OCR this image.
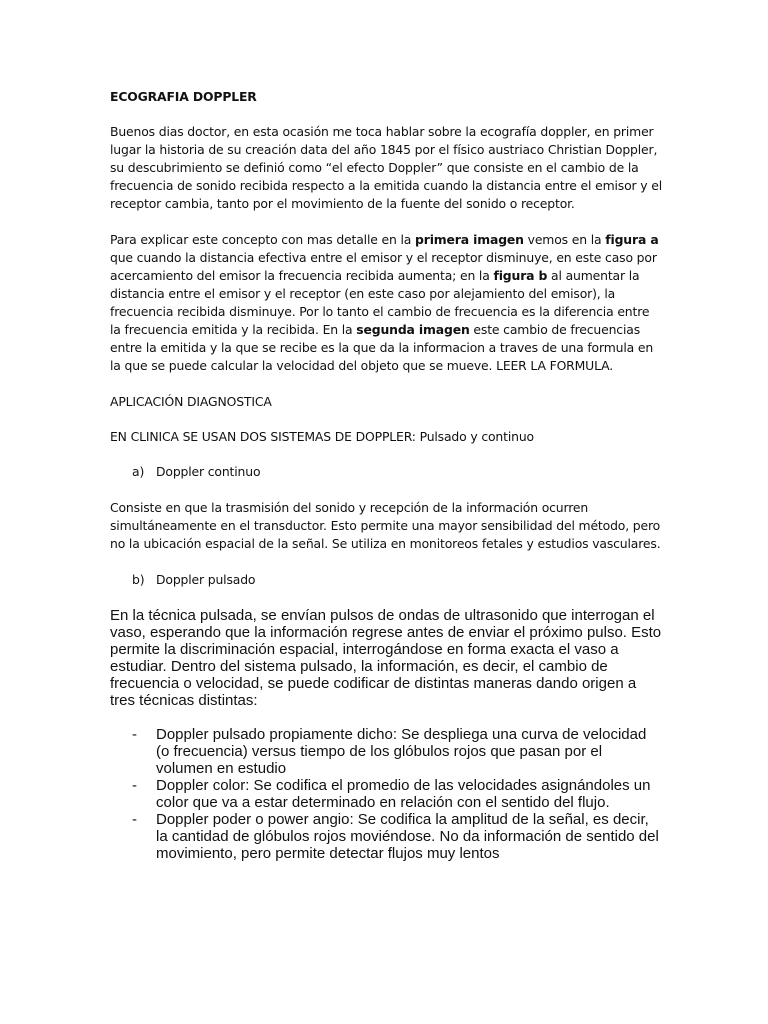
ECOGRAFIA DOPPLER

Buenos dias doctor, en esta ocasión me toca hablar sobre la ecografía doppler, en primer lugar la historia de su creación data del año 1845 por el físico austriaco Christian Doppler, su descubrimiento se definió como “el efecto Doppler” que consiste en el cambio de la frecuencia de sonido recibida respecto a la emitida cuando la distancia entre el emisor y el receptor cambia, tanto por el movimiento de la fuente del sonido o receptor.

Para explicar este concepto con mas detalle en la primera imagen vemos en la figura a que cuando la distancia efectiva entre el emisor y el receptor disminuye, en este caso por acercamiento del emisor la frecuencia recibida aumenta; en la figura b al aumentar la distancia entre el emisor y el receptor (en este caso por alejamiento del emisor), la frecuencia recibida disminuye. Por lo tanto el cambio de frecuencia es la diferencia entre la frecuencia emitida y la recibida. En la segunda imagen este cambio de frecuencias entre la emitida y la que se recibe es la que da la informacion a traves de una formula en la que se puede calcular la velocidad del objeto que se mueve. LEER LA FORMULA.

APLICACIÓN DIAGNOSTICA

EN CLINICA SE USAN DOS SISTEMAS DE DOPPLER: Pulsado y continuo

a) Doppler continuo

Consiste en que la trasmisión del sonido y recepción de la información ocurren simultáneamente en el transductor. Esto permite una mayor sensibilidad del método, pero no la ubicación espacial de la señal. Se utiliza en monitoreos fetales y estudios vasculares.

b) Doppler pulsado

En la técnica pulsada, se envían pulsos de ondas de ultrasonido que interrogan el vaso, esperando que la información regrese antes de enviar el próximo pulso. Esto permite la discriminación espacial, interrogándose en forma exacta el vaso a estudiar. Dentro del sistema pulsado, la información, es decir, el cambio de frecuencia o velocidad, se puede codificar de distintas maneras dando origen a tres técnicas distintas:

-	Doppler pulsado propiamente dicho: Se despliega una curva de velocidad (o frecuencia) versus tiempo de los glóbulos rojos que pasan por el volumen en estudio
-	Doppler color: Se codifica el promedio de las velocidades asignándoles un color que va a estar determinado en relación con el sentido del flujo.
-	Doppler poder o power angio: Se codifica la amplitud de la señal, es decir, la cantidad de glóbulos rojos moviéndose. No da información de sentido del movimiento, pero permite detectar flujos muy lentos
